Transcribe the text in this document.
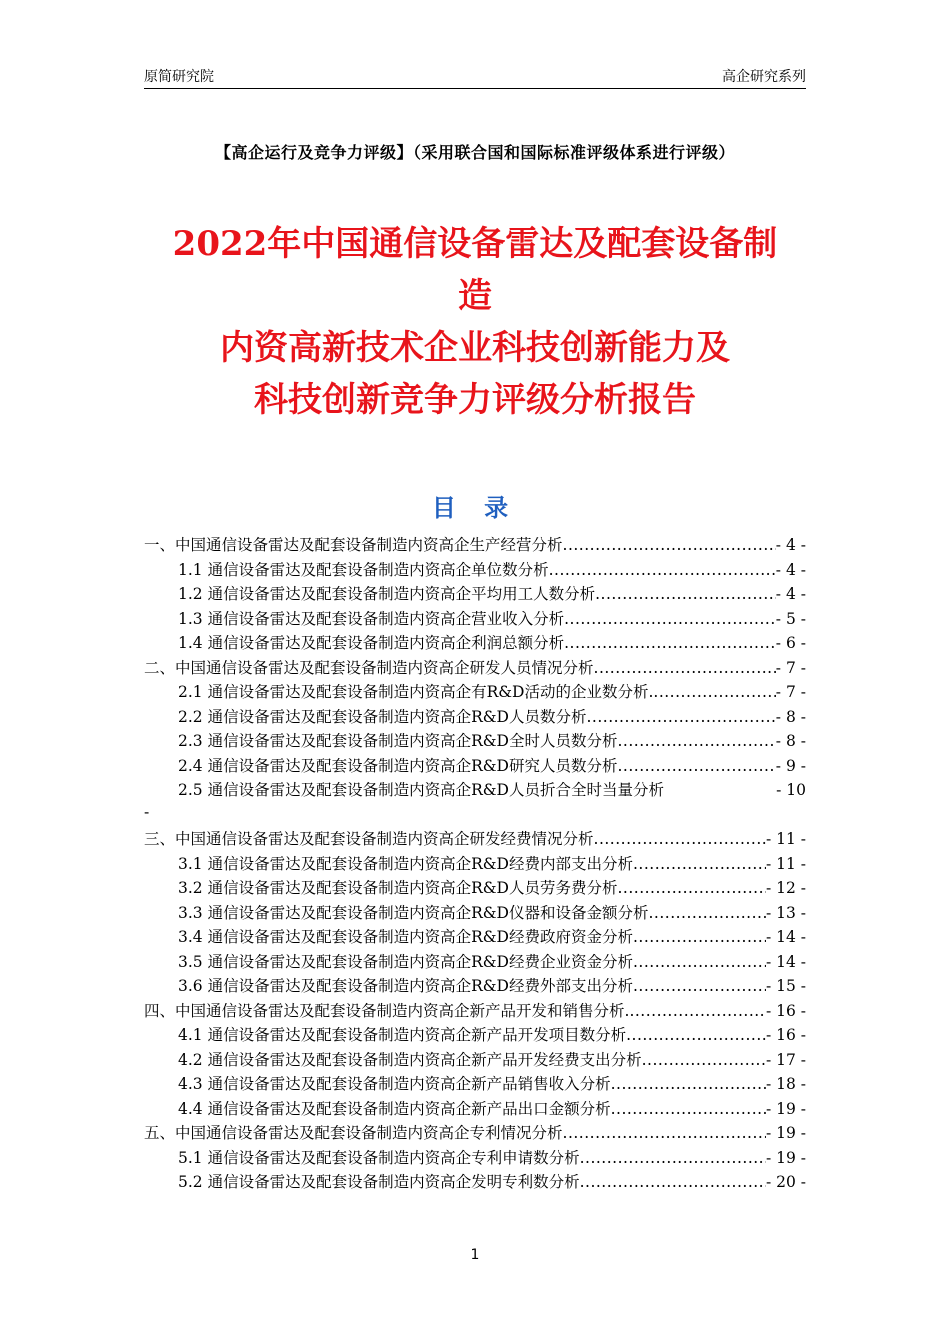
原简研究院	高企研究系列
【高企运行及竞争力评级】（采用联合国和国际标准评级体系进行评级）
2022年中国通信设备雷达及配套设备制
造
内资高新技术企业科技创新能力及
科技创新竞争力评级分析报告
目 录
一、中国通信设备雷达及配套设备制造内资高企生产经营分析 .....	- 4 -
1.1 通信设备雷达及配套设备制造内资高企单位数分析 .....	- 4 -
1.2 通信设备雷达及配套设备制造内资高企平均用工人数分析 .....	- 4 -
1.3 通信设备雷达及配套设备制造内资高企营业收入分析 .....	- 5 -
1.4 通信设备雷达及配套设备制造内资高企利润总额分析 .....	- 6 -
二、中国通信设备雷达及配套设备制造内资高企研发人员情况分析 .....	- 7 -
2.1 通信设备雷达及配套设备制造内资高企有R&D活动的企业数分析. .....	- 7 -
2.2 通信设备雷达及配套设备制造内资高企R&D人员数分析 .....	- 8 -
2.3 通信设备雷达及配套设备制造内资高企R&D全时人员数分析 .....	- 8 -
2.4 通信设备雷达及配套设备制造内资高企R&D研究人员数分析 .....	- 9 -
2.5 通信设备雷达及配套设备制造内资高企R&D人员折合全时当量分析	- 10
-
三、中国通信设备雷达及配套设备制造内资高企研发经费情况分析 .....	- 11 -
3.1 通信设备雷达及配套设备制造内资高企R&D经费内部支出分析 .....	- 11 -
3.2 通信设备雷达及配套设备制造内资高企R&D人员劳务费分析 .....	- 12 -
3.3 通信设备雷达及配套设备制造内资高企R&D仪器和设备金额分析 .....	- 13 -
3.4 通信设备雷达及配套设备制造内资高企R&D经费政府资金分析 .....	- 14 -
3.5 通信设备雷达及配套设备制造内资高企R&D经费企业资金分析 .....	- 14 -
3.6 通信设备雷达及配套设备制造内资高企R&D经费外部支出分析 .....	- 15 -
四、中国通信设备雷达及配套设备制造内资高企新产品开发和销售分析. .....	- 16 -
4.1 通信设备雷达及配套设备制造内资高企新产品开发项目数分析 .....	- 16 -
4.2 通信设备雷达及配套设备制造内资高企新产品开发经费支出分析 .....	- 17 -
4.3 通信设备雷达及配套设备制造内资高企新产品销售收入分析 .....	- 18 -
4.4 通信设备雷达及配套设备制造内资高企新产品出口金额分析 .....	- 19 -
五、中国通信设备雷达及配套设备制造内资高企专利情况分析 .....	- 19 -
5.1 通信设备雷达及配套设备制造内资高企专利申请数分析 .....	- 19 -
5.2 通信设备雷达及配套设备制造内资高企发明专利数分析 .....	- 20 -
1
